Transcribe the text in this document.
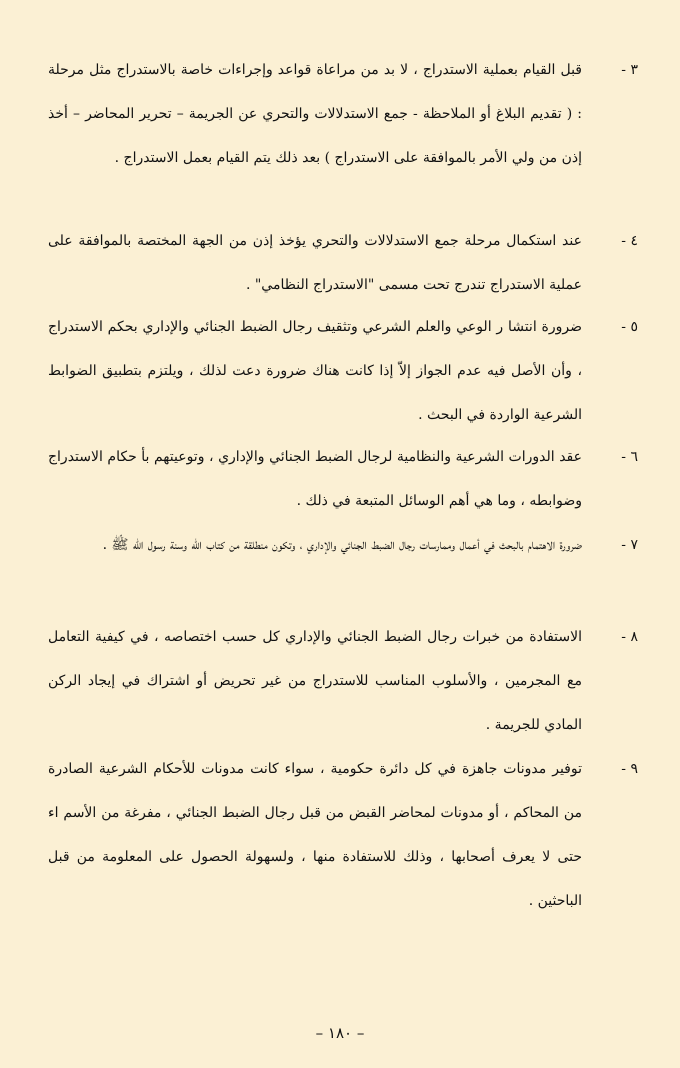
٣ -
قبل القيام بعملية الاستدراج ، لا بد من مراعاة قواعد وإجراءات خاصة بالاستدراج مثل مرحلة : ( تقديم البلاغ أو الملاحظة - جمع الاستدلالات والتحري عن الجريمة – تحرير المحاضر – أخذ إذن من ولي الأمر بالموافقة على الاستدراج ) بعد ذلك يتم القيام بعمل الاستدراج .
٤ -
عند استكمال مرحلة جمع الاستدلالات والتحري يؤخذ إذن من الجهة المختصة بالموافقة على عملية الاستدراج تندرج تحت مسمى "الاستدراج النظامي" .
٥ -
ضرورة انتشا ر الوعي والعلم الشرعي وتثقيف رجال الضبط الجنائي والإداري بحكم الاستدراج ، وأن الأصل فيه عدم الجواز إلاّ إذا كانت هناك ضرورة دعت لذلك ، ويلتزم بتطبيق الضوابط الشرعية الواردة في البحث .
٦ -
عقد الدورات الشرعية والنظامية لرجال الضبط الجنائي والإداري ، وتوعيتهم بأ حكام الاستدراج وضوابطه ، وما هي أهم الوسائل المتبعة في ذلك .
٧ -
ضرورة الاهتمام بالبحث في أعمال وممارسات رجال الضبط الجنائي والإداري ، وتكون منطلقة من كتاب الله وسنة رسول الله ﷺ .
٨ -
الاستفادة من خبرات رجال الضبط الجنائي والإداري كل حسب اختصاصه ، في كيفية التعامل مع المجرمين ، والأسلوب المناسب للاستدراج من غير تحريض أو اشتراك في إيجاد الركن المادي للجريمة .
٩ -
توفير مدونات جاهزة في كل دائرة حكومية ، سواء كانت مدونات للأحكام الشرعية الصادرة من المحاكم ، أو مدونات لمحاضر القبض من قبل رجال الضبط الجنائي ، مفرغة من الأسم اء حتى لا يعرف أصحابها ، وذلك للاستفادة منها ، ولسهولة الحصول على المعلومة من قبل الباحثين .
– ١٨٠ –
